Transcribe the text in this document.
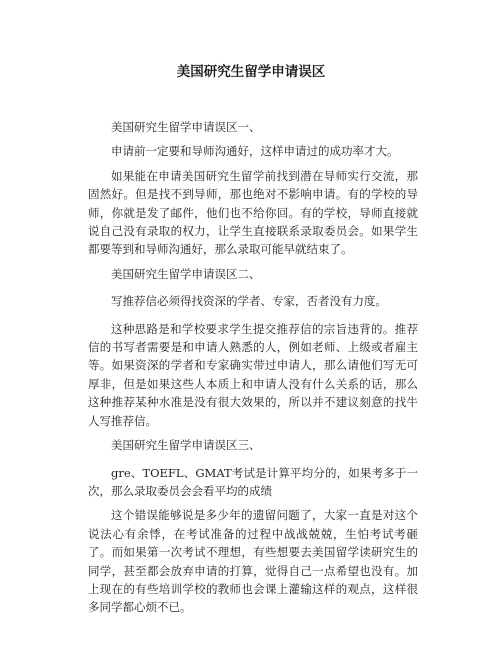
美国研究生留学申请误区

美国研究生留学申请误区一、

申请前一定要和导师沟通好，这样申请过的成功率才大。

如果能在申请美国研究生留学前找到潜在导师实行交流，那固然好。但是找不到导师，那也绝对不影响申请。有的学校的导师，你就是发了邮件，他们也不给你回。有的学校，导师直接就说自己没有录取的权力，让学生直接联系录取委员会。如果学生都要等到和导师沟通好，那么录取可能早就结束了。

美国研究生留学申请误区二、

写推荐信必须得找资深的学者、专家，否者没有力度。

这种思路是和学校要求学生提交推荐信的宗旨违背的。推荐信的书写者需要是和申请人熟悉的人，例如老师、上级或者雇主等。如果资深的学者和专家确实带过申请人，那么请他们写无可厚非，但是如果这些人本质上和申请人没有什么关系的话，那么这种推荐某种水准是没有很大效果的，所以并不建议刻意的找牛人写推荐信。

美国研究生留学申请误区三、

gre、TOEFL、GMAT考试是计算平均分的，如果考多于一次，那么录取委员会会看平均的成绩

这个错误能够说是多少年的遗留问题了，大家一直是对这个说法心有余悸，在考试准备的过程中战战兢兢，生怕考试考砸了。而如果第一次考试不理想，有些想要去美国留学读研究生的同学，甚至都会放弃申请的打算，觉得自己一点希望也没有。加上现在的有些培训学校的教师也会课上灌输这样的观点，这样很多同学都心烦不已。
